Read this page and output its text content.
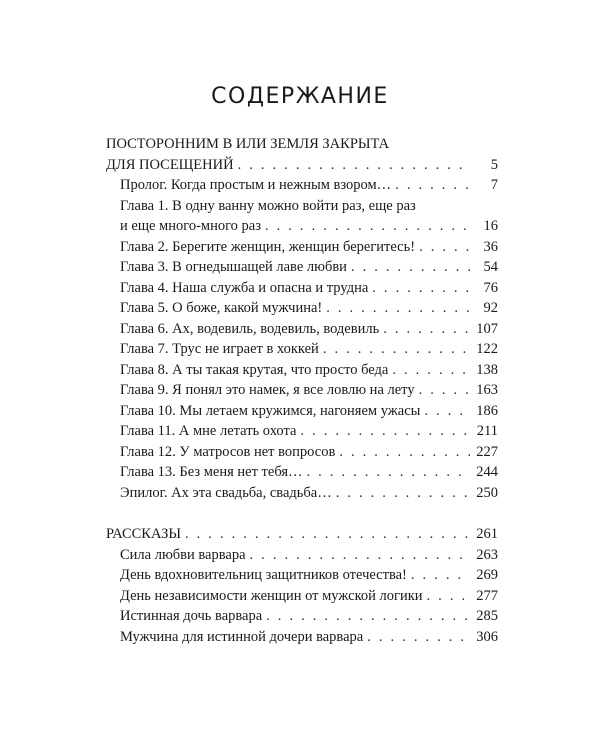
СОДЕРЖАНИЕ
ПОСТОРОННИМ В ИЛИ ЗЕМЛЯ ЗАКРЫТА
ДЛЯ ПОСЕЩЕНИЙ . . .	5
Пролог. Когда простым и нежным взором… . . .	7
Глава 1. В одну ванну можно войти раз, еще раз
и еще много-много раз . . .	16
Глава 2. Берегите женщин, женщин берегитесь! . . .	36
Глава 3. В огнедышащей лаве любви . . .	54
Глава 4. Наша служба и опасна и трудна . . .	76
Глава 5. О боже, какой мужчина! . . .	92
Глава 6. Ах, водевиль, водевиль, водевиль . . .	107
Глава 7. Трус не играет в хоккей . . .	122
Глава 8. А ты такая крутая, что просто беда . . .	138
Глава 9. Я понял это намек, я все ловлю на лету . . .	163
Глава 10. Мы летаем кружимся, нагоняем ужасы . . .	186
Глава 11. А мне летать охота . . .	211
Глава 12. У матросов нет вопросов . . .	227
Глава 13. Без меня нет тебя… . . .	244
Эпилог. Ах эта свадьба, свадьба… . . .	250
РАССКАЗЫ . . .	261
Сила любви варвара . . .	263
День вдохновительниц защитников отечества! . . .	269
День независимости женщин от мужской логики . . .	277
Истинная дочь варвара . . .	285
Мужчина для истинной дочери варвара . . .	306
